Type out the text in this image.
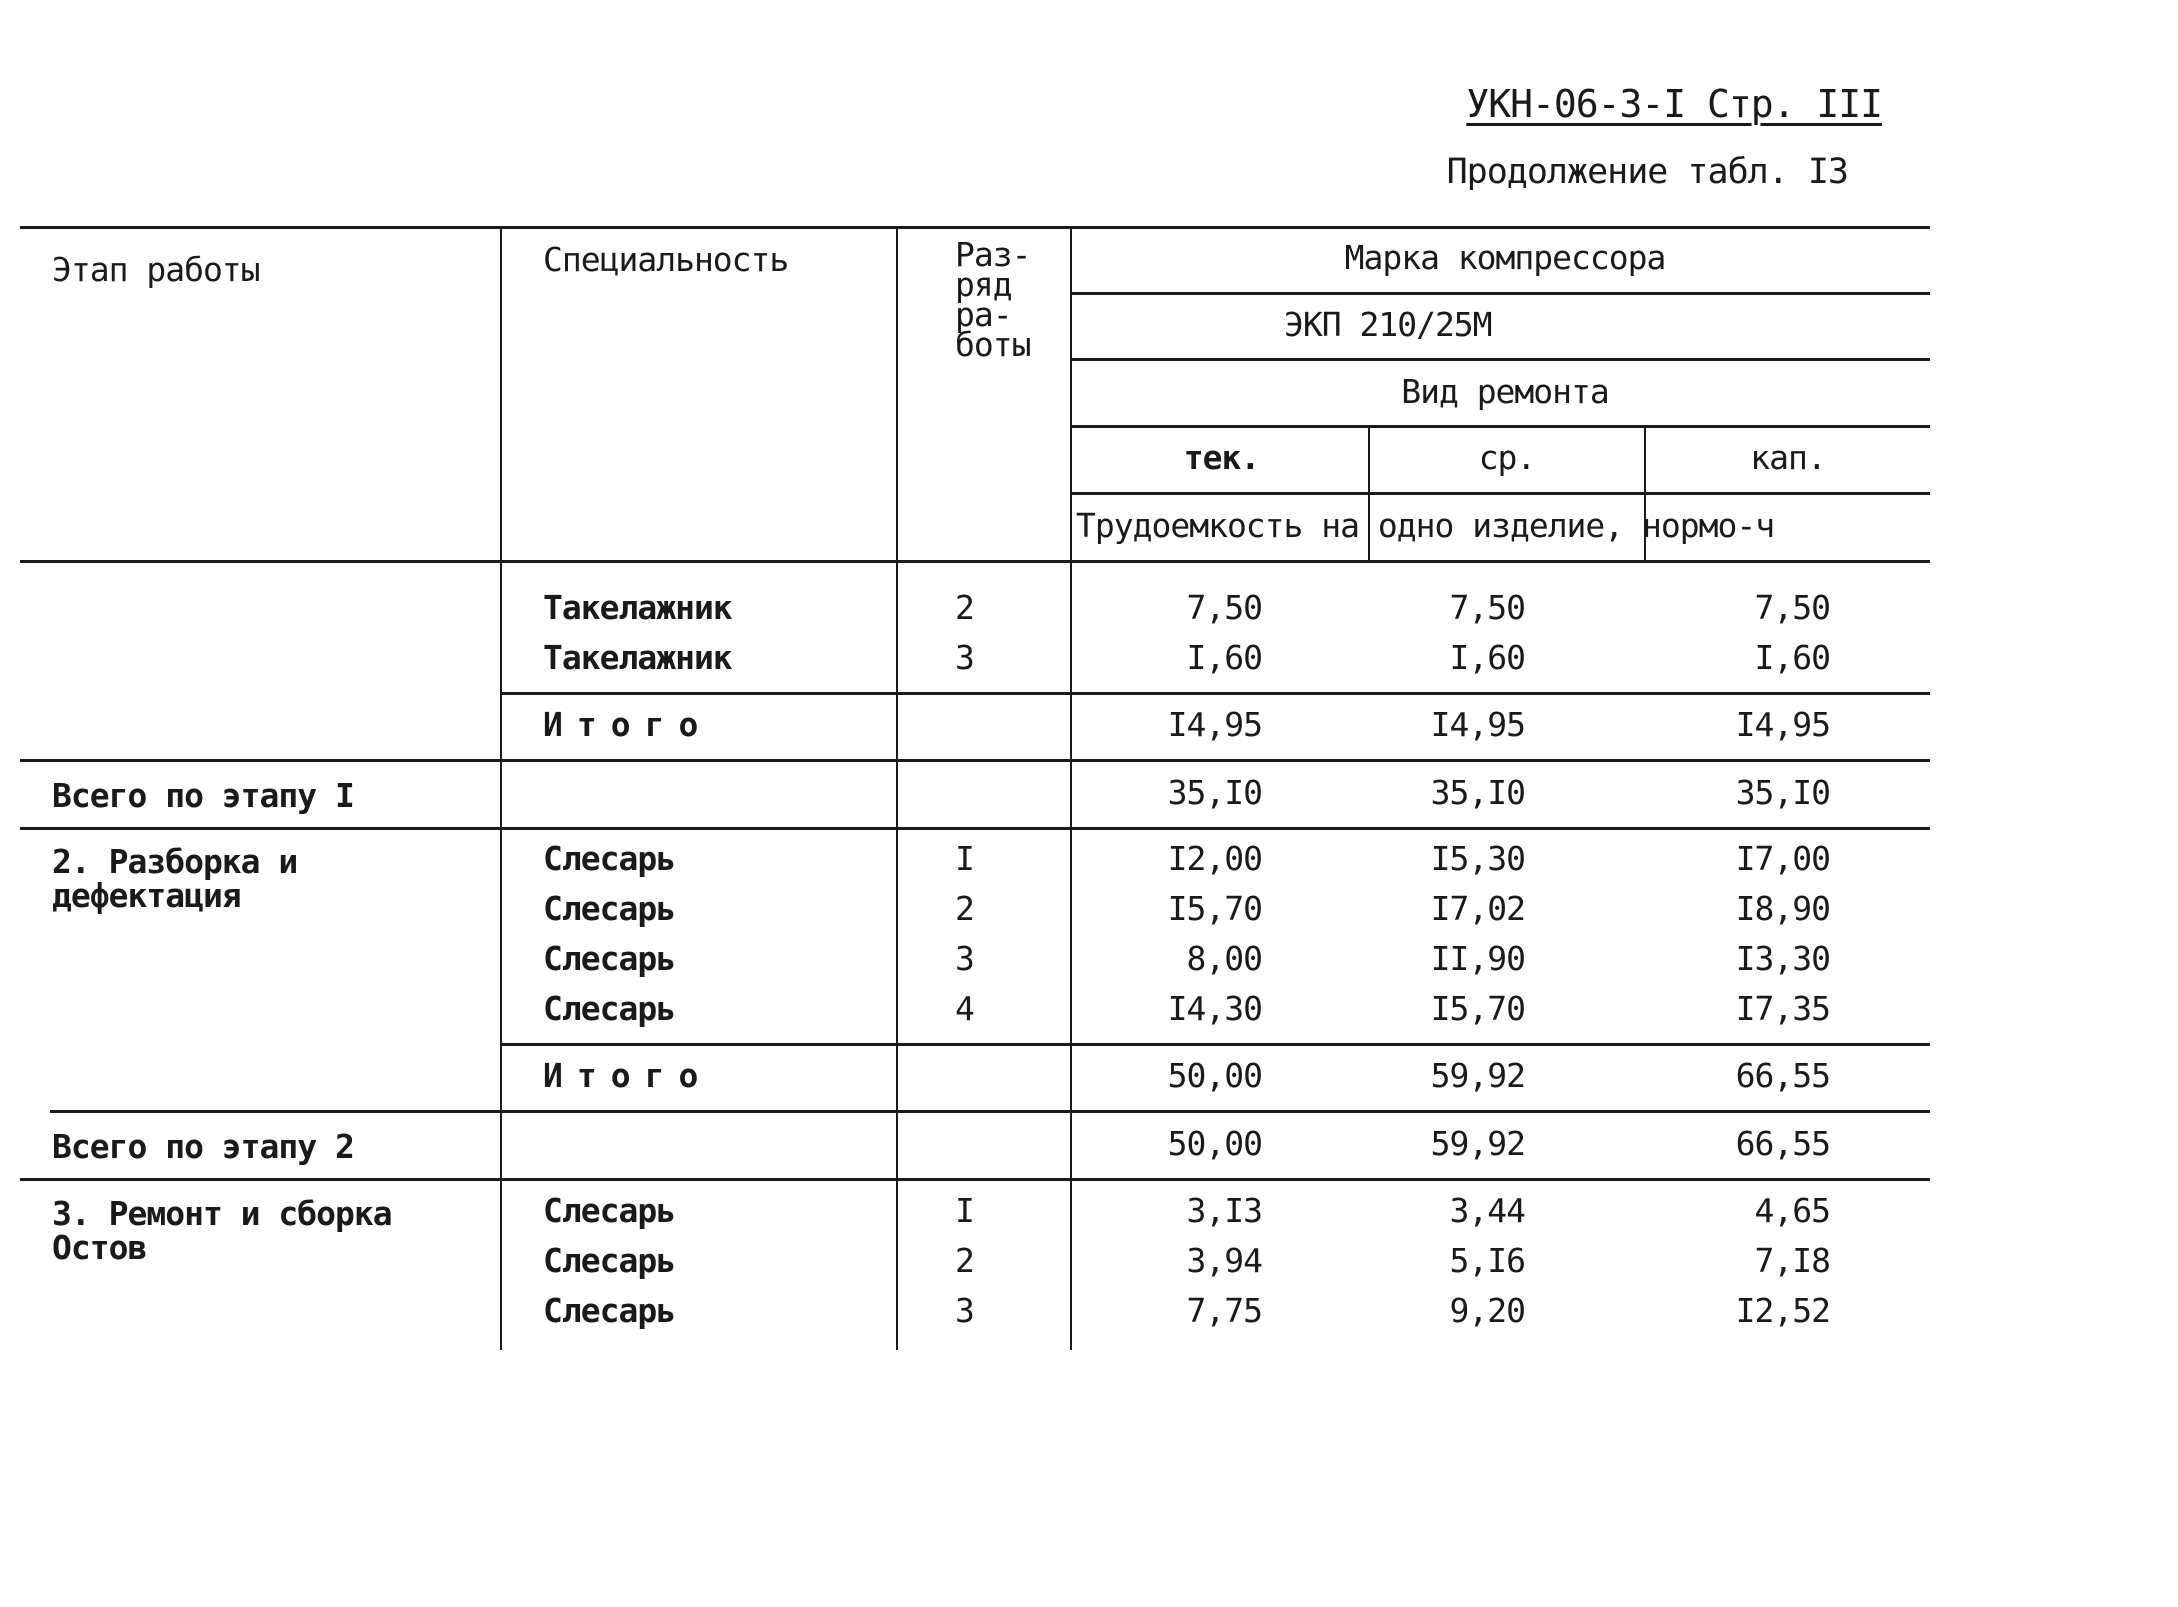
УКН-06-3-I Стр. III
Продолжение табл. I3
Этап работы	Специальность	Раз-ряд ра-боты
Марка компрессора
ЭКП 210/25М
Вид ремонта
тек.	ср.	кап.
Трудоемкость на одно изделие, нормо-ч
Такелажник	2	7,50	7,50	7,50
Такелажник	3	I,60	I,60	I,60
Итого	I4,95	I4,95	I4,95
Всего по этапу I	35,I0	35,I0	35,I0
2. Разборка и дефектация
Слесарь	I	I2,00	I5,30	I7,00
Слесарь	2	I5,70	I7,02	I8,90
Слесарь	3	8,00	II,90	I3,30
Слесарь	4	I4,30	I5,70	I7,35
Итого	50,00	59,92	66,55
Всего по этапу 2	50,00	59,92	66,55
3. Ремонт и сборка Остов
Слесарь	I	3,I3	3,44	4,65
Слесарь	2	3,94	5,I6	7,I8
Слесарь	3	7,75	9,20	I2,52
